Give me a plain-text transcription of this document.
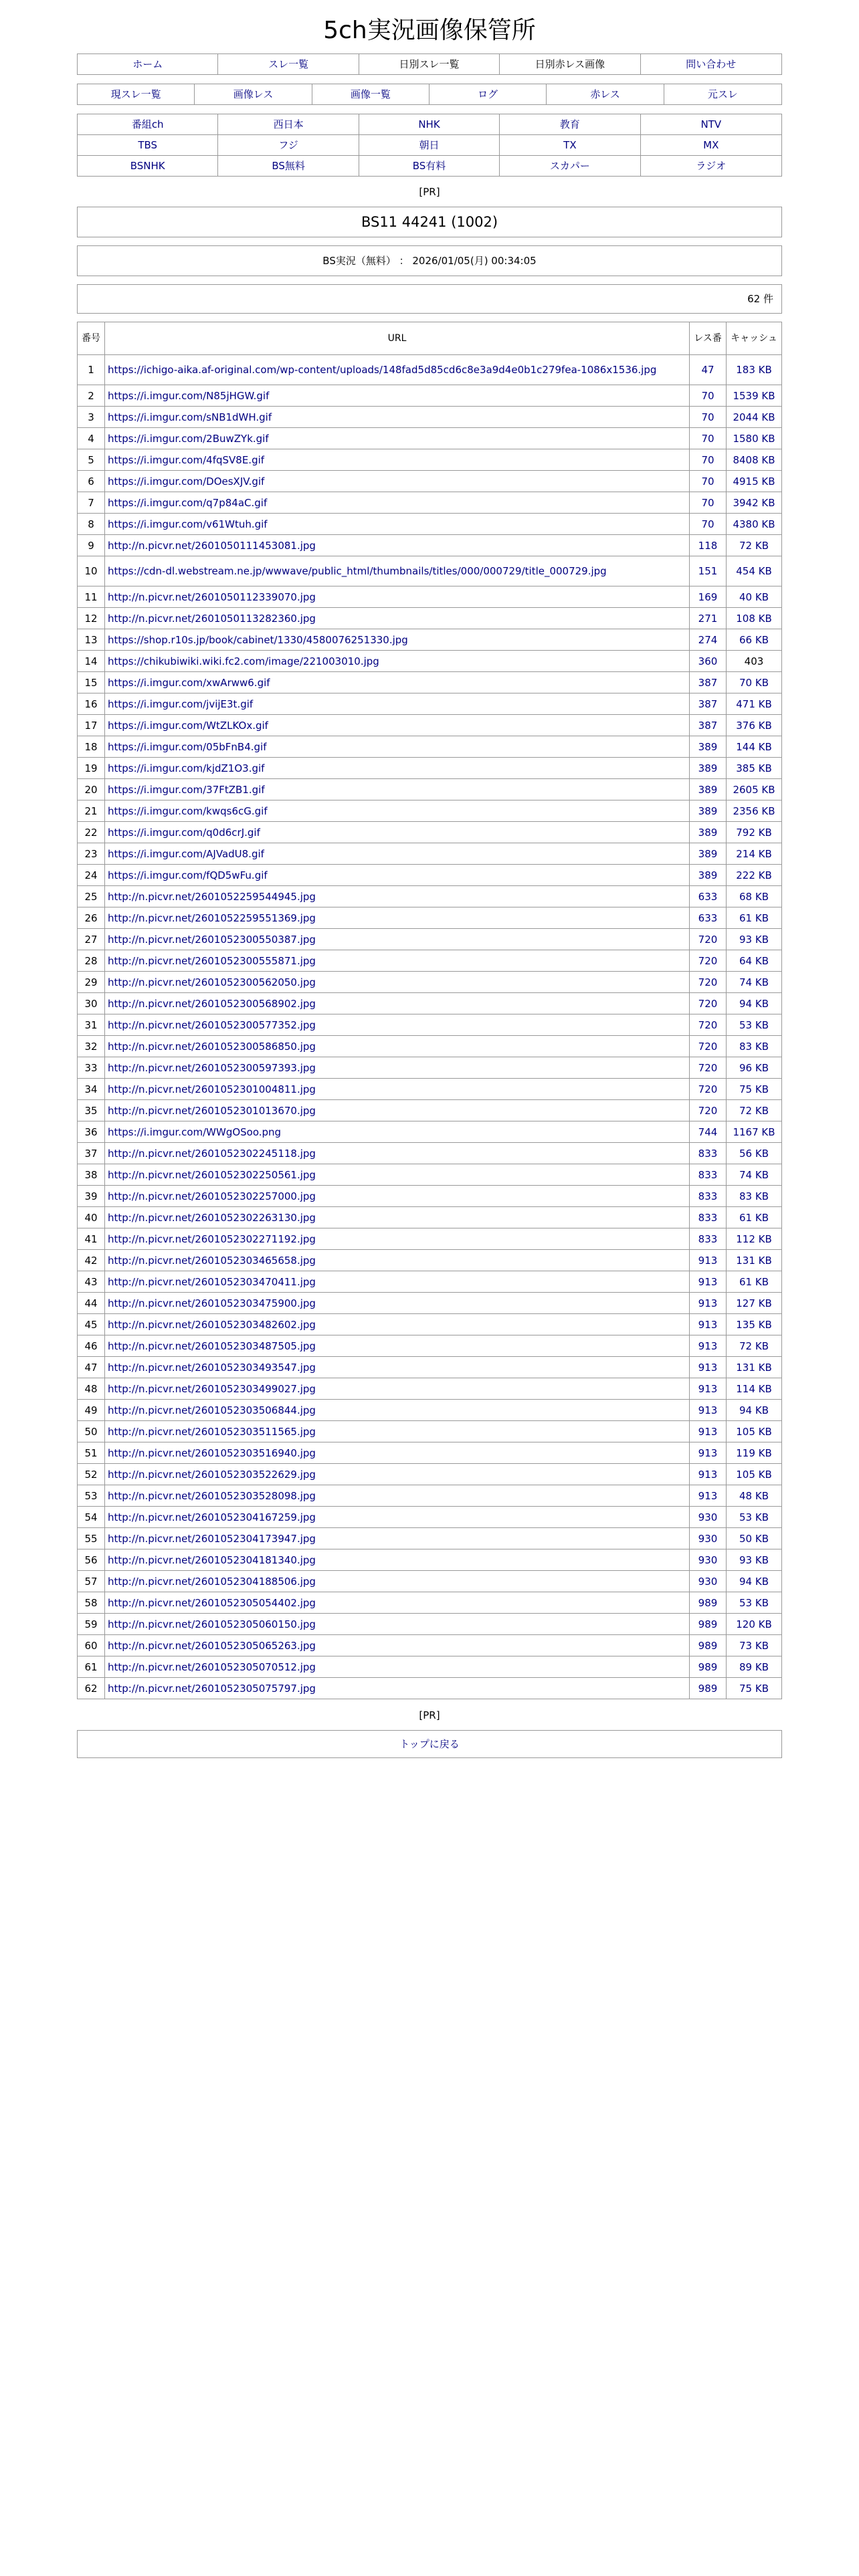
5ch実況画像保管所
ホーム	スレ一覧	日別スレ一覧	日別赤レス画像	問い合わせ
現スレ一覧	画像レス	画像一覧	ログ	赤レス	元スレ
番組ch	西日本	NHK	教育	NTV
TBS	フジ	朝日	TX	MX
BSNHK	BS無料	BS有料	スカパー	ラジオ
[PR]
BS11 44241 (1002)
BS実況（無料） ： 2026/01/05(月) 00:34:05
62 件
番号	URL	レス番	キャッシュ
1	https://ichigo-aika.af-original.com/wp-content/uploads/148fad5d85cd6c8e3a9d4e0b1c279fea-1086x1536.jpg	47	183 KB
2	https://i.imgur.com/N85jHGW.gif	70	1539 KB
3	https://i.imgur.com/sNB1dWH.gif	70	2044 KB
4	https://i.imgur.com/2BuwZYk.gif	70	1580 KB
5	https://i.imgur.com/4fqSV8E.gif	70	8408 KB
6	https://i.imgur.com/DOesXJV.gif	70	4915 KB
7	https://i.imgur.com/q7p84aC.gif	70	3942 KB
8	https://i.imgur.com/v61Wtuh.gif	70	4380 KB
9	http://n.picvr.net/2601050111453081.jpg	118	72 KB
10	https://cdn-dl.webstream.ne.jp/wwwave/public_html/thumbnails/titles/000/000729/title_000729.jpg	151	454 KB
11	http://n.picvr.net/2601050112339070.jpg	169	40 KB
12	http://n.picvr.net/2601050113282360.jpg	271	108 KB
13	https://shop.r10s.jp/book/cabinet/1330/4580076251330.jpg	274	66 KB
14	https://chikubiwiki.wiki.fc2.com/image/221003010.jpg	360	403
15	https://i.imgur.com/xwArww6.gif	387	70 KB
16	https://i.imgur.com/jvijE3t.gif	387	471 KB
17	https://i.imgur.com/WtZLKOx.gif	387	376 KB
18	https://i.imgur.com/05bFnB4.gif	389	144 KB
19	https://i.imgur.com/kjdZ1O3.gif	389	385 KB
20	https://i.imgur.com/37FtZB1.gif	389	2605 KB
21	https://i.imgur.com/kwqs6cG.gif	389	2356 KB
22	https://i.imgur.com/q0d6crJ.gif	389	792 KB
23	https://i.imgur.com/AJVadU8.gif	389	214 KB
24	https://i.imgur.com/fQD5wFu.gif	389	222 KB
25	http://n.picvr.net/2601052259544945.jpg	633	68 KB
26	http://n.picvr.net/2601052259551369.jpg	633	61 KB
27	http://n.picvr.net/2601052300550387.jpg	720	93 KB
28	http://n.picvr.net/2601052300555871.jpg	720	64 KB
29	http://n.picvr.net/2601052300562050.jpg	720	74 KB
30	http://n.picvr.net/2601052300568902.jpg	720	94 KB
31	http://n.picvr.net/2601052300577352.jpg	720	53 KB
32	http://n.picvr.net/2601052300586850.jpg	720	83 KB
33	http://n.picvr.net/2601052300597393.jpg	720	96 KB
34	http://n.picvr.net/2601052301004811.jpg	720	75 KB
35	http://n.picvr.net/2601052301013670.jpg	720	72 KB
36	https://i.imgur.com/WWgOSoo.png	744	1167 KB
37	http://n.picvr.net/2601052302245118.jpg	833	56 KB
38	http://n.picvr.net/2601052302250561.jpg	833	74 KB
39	http://n.picvr.net/2601052302257000.jpg	833	83 KB
40	http://n.picvr.net/2601052302263130.jpg	833	61 KB
41	http://n.picvr.net/2601052302271192.jpg	833	112 KB
42	http://n.picvr.net/2601052303465658.jpg	913	131 KB
43	http://n.picvr.net/2601052303470411.jpg	913	61 KB
44	http://n.picvr.net/2601052303475900.jpg	913	127 KB
45	http://n.picvr.net/2601052303482602.jpg	913	135 KB
46	http://n.picvr.net/2601052303487505.jpg	913	72 KB
47	http://n.picvr.net/2601052303493547.jpg	913	131 KB
48	http://n.picvr.net/2601052303499027.jpg	913	114 KB
49	http://n.picvr.net/2601052303506844.jpg	913	94 KB
50	http://n.picvr.net/2601052303511565.jpg	913	105 KB
51	http://n.picvr.net/2601052303516940.jpg	913	119 KB
52	http://n.picvr.net/2601052303522629.jpg	913	105 KB
53	http://n.picvr.net/2601052303528098.jpg	913	48 KB
54	http://n.picvr.net/2601052304167259.jpg	930	53 KB
55	http://n.picvr.net/2601052304173947.jpg	930	50 KB
56	http://n.picvr.net/2601052304181340.jpg	930	93 KB
57	http://n.picvr.net/2601052304188506.jpg	930	94 KB
58	http://n.picvr.net/2601052305054402.jpg	989	53 KB
59	http://n.picvr.net/2601052305060150.jpg	989	120 KB
60	http://n.picvr.net/2601052305065263.jpg	989	73 KB
61	http://n.picvr.net/2601052305070512.jpg	989	89 KB
62	http://n.picvr.net/2601052305075797.jpg	989	75 KB
[PR]
トップに戻る
